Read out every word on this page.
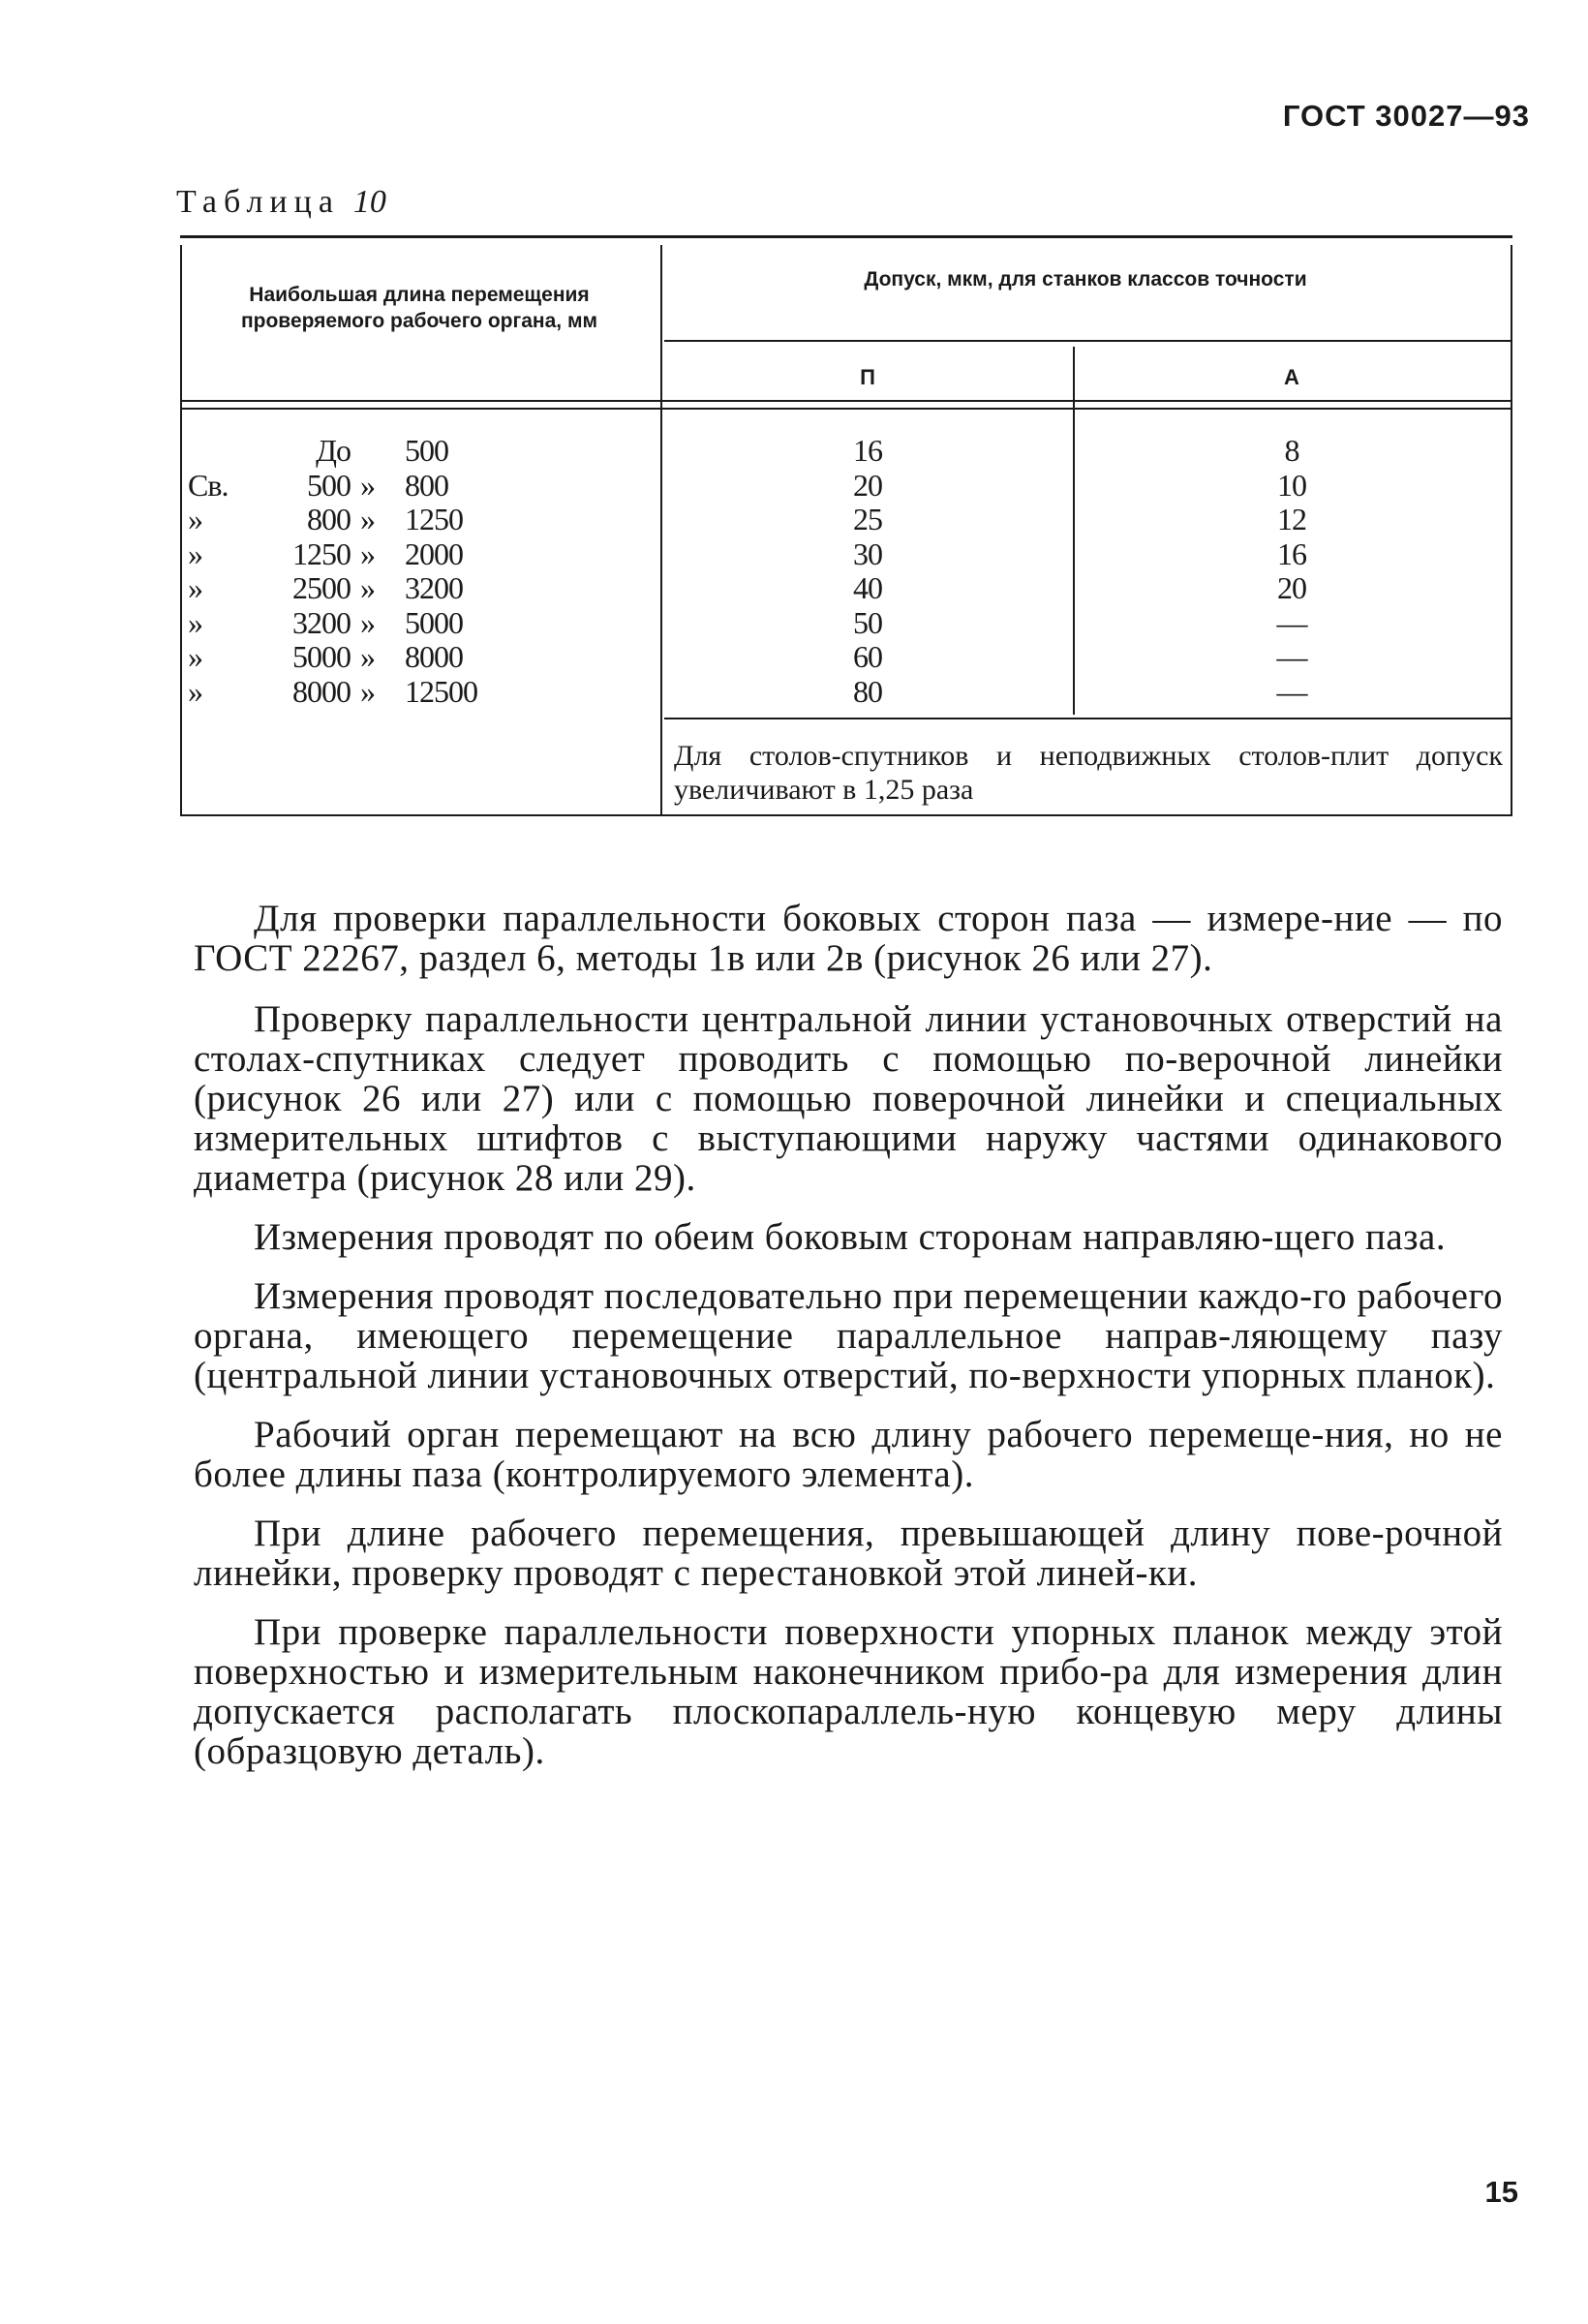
ГОСТ 30027—93
Таблица 10
Наибольшая длина перемещения проверяемого рабочего органа, мм
Допуск, мкм, для станков классов точности
П	А
До 500	16	8
Св.	500 » 800	20	10
»	800 » 1250	25	12
»	1250 » 2000	30	16
»	2500 » 3200	40	20
»	3200 » 5000	50	—
»	5000 » 8000	60	—
»	8000 » 12500	80	—
Для столов-спутников и неподвижных столов-плит допуск увеличивают в 1,25 раза

Для проверки параллельности боковых сторон паза — измере-ние — по ГОСТ 22267, раздел 6, методы 1в или 2в (рисунок 26 или 27).

Проверку параллельности центральной линии установочных отверстий на столах-спутниках следует проводить с помощью по-верочной линейки (рисунок 26 или 27) или с помощью поверочной линейки и специальных измерительных штифтов с выступающими наружу частями одинакового диаметра (рисунок 28 или 29).

Измерения проводят по обеим боковым сторонам направляю-щего паза.

Измерения проводят последовательно при перемещении каждо-го рабочего органа, имеющего перемещение параллельное направ-ляющему пазу (центральной линии установочных отверстий, по-верхности упорных планок).

Рабочий орган перемещают на всю длину рабочего перемеще-ния, но не более длины паза (контролируемого элемента).

При длине рабочего перемещения, превышающей длину пове-рочной линейки, проверку проводят с перестановкой этой линей-ки.

При проверке параллельности поверхности упорных планок между этой поверхностью и измерительным наконечником прибо-ра для измерения длин допускается располагать плоскопараллель-ную концевую меру длины (образцовую деталь).

15
